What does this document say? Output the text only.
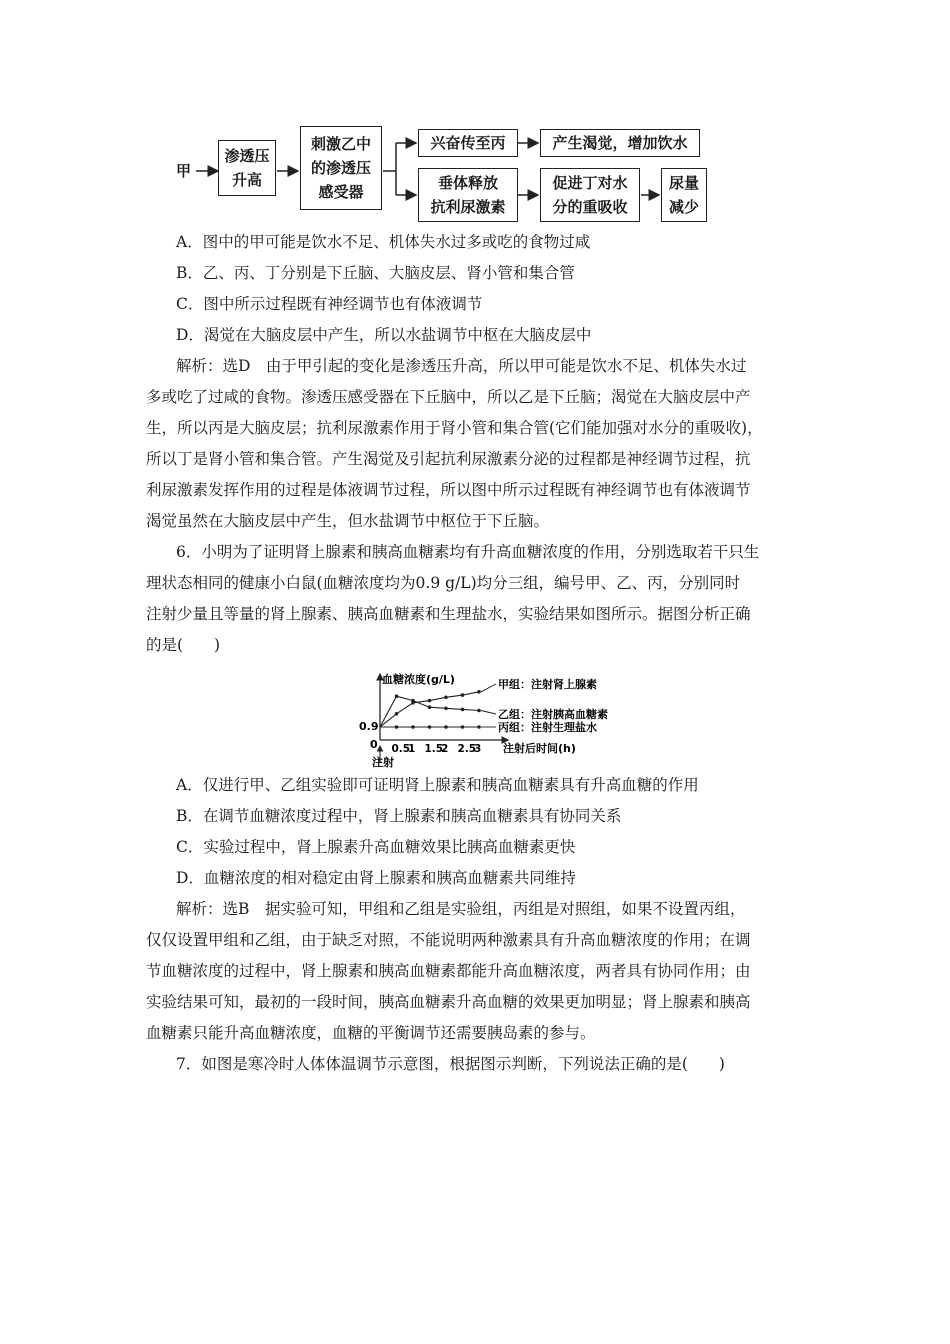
甲
渗透压
升高
刺激乙中
的渗透压
感受器
兴奋传至丙	产生渴觉，增加饮水
垂体释放
抗利尿激素
促进丁对水
分的重吸收
尿量
减少
A．图中的甲可能是饮水不足、机体失水过多或吃的食物过咸
B．乙、丙、丁分别是下丘脑、大脑皮层、肾小管和集合管
C．图中所示过程既有神经调节也有体液调节
D．渴觉在大脑皮层中产生，所以水盐调节中枢在大脑皮层中
解析：选D　由于甲引起的变化是渗透压升高，所以甲可能是饮水不足、机体失水过
多或吃了过咸的食物。渗透压感受器在下丘脑中，所以乙是下丘脑；渴觉在大脑皮层中产
生，所以丙是大脑皮层；抗利尿激素作用于肾小管和集合管(它们能加强对水分的重吸收)，
所以丁是肾小管和集合管。产生渴觉及引起抗利尿激素分泌的过程都是神经调节过程，抗
利尿激素发挥作用的过程是体液调节过程，所以图中所示过程既有神经调节也有体液调节
渴觉虽然在大脑皮层中产生，但水盐调节中枢位于下丘脑。
6．小明为了证明肾上腺素和胰高血糖素均有升高血糖浓度的作用，分别选取若干只生
理状态相同的健康小白鼠(血糖浓度均为0.9 g/L)均分三组，编号甲、乙、丙，分别同时
注射少量且等量的肾上腺素、胰高血糖素和生理盐水，实验结果如图所示。据图分析正确
的是(　　)
血糖浓度(g/L)
0.9
0
注射
注射后时间(h)
0.5
1 1.5
2 2.5
3
甲组：注射肾上腺素
乙组：注射胰高血糖素
丙组：注射生理盐水
A．仅进行甲、乙组实验即可证明肾上腺素和胰高血糖素具有升高血糖的作用
B．在调节血糖浓度过程中，肾上腺素和胰高血糖素具有协同关系
C．实验过程中，肾上腺素升高血糖效果比胰高血糖素更快
D．血糖浓度的相对稳定由肾上腺素和胰高血糖素共同维持
解析：选B　据实验可知，甲组和乙组是实验组，丙组是对照组，如果不设置丙组，
仅仅设置甲组和乙组，由于缺乏对照，不能说明两种激素具有升高血糖浓度的作用；在调
节血糖浓度的过程中，肾上腺素和胰高血糖素都能升高血糖浓度，两者具有协同作用；由
实验结果可知，最初的一段时间，胰高血糖素升高血糖的效果更加明显；肾上腺素和胰高
血糖素只能升高血糖浓度，血糖的平衡调节还需要胰岛素的参与。
7．如图是寒冷时人体体温调节示意图，根据图示判断，下列说法正确的是(　　)
